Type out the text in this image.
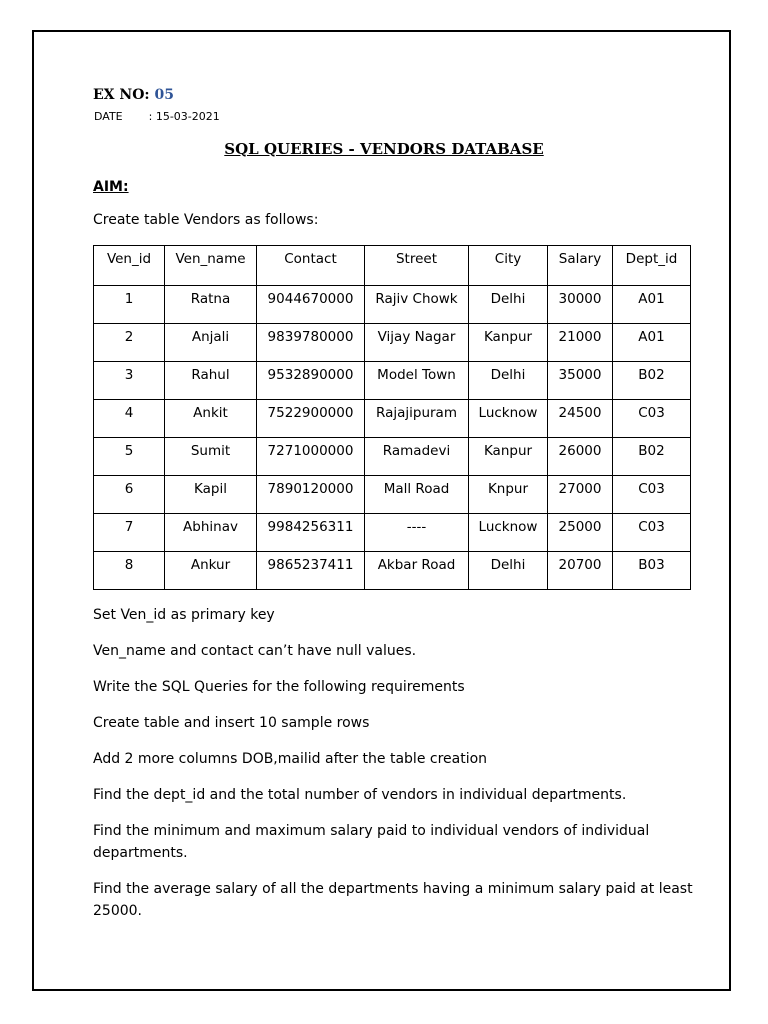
EX NO: 05
DATE : 15-03-2021
SQL QUERIES - VENDORS DATABASE
AIM:
Create table Vendors as follows:
Ven_id	Ven_name	Contact	Street	City	Salary	Dept_id
1	Ratna	9044670000	Rajiv Chowk	Delhi	30000	A01
2	Anjali	9839780000	Vijay Nagar	Kanpur	21000	A01
3	Rahul	9532890000	Model Town	Delhi	35000	B02
4	Ankit	7522900000	Rajajipuram	Lucknow	24500	C03
5	Sumit	7271000000	Ramadevi	Kanpur	26000	B02
6	Kapil	7890120000	Mall Road	Knpur	27000	C03
7	Abhinav	9984256311	----	Lucknow	25000	C03
8	Ankur	9865237411	Akbar Road	Delhi	20700	B03

Set Ven_id as primary key

Ven_name and contact can’t have null values.

Write the SQL Queries for the following requirements

Create table and insert 10 sample rows

Add 2 more columns DOB,mailid after the table creation

Find the dept_id and the total number of vendors in individual departments.

Find the minimum and maximum salary paid to individual vendors of individual departments.

Find the average salary of all the departments having a minimum salary paid at least 25000.
